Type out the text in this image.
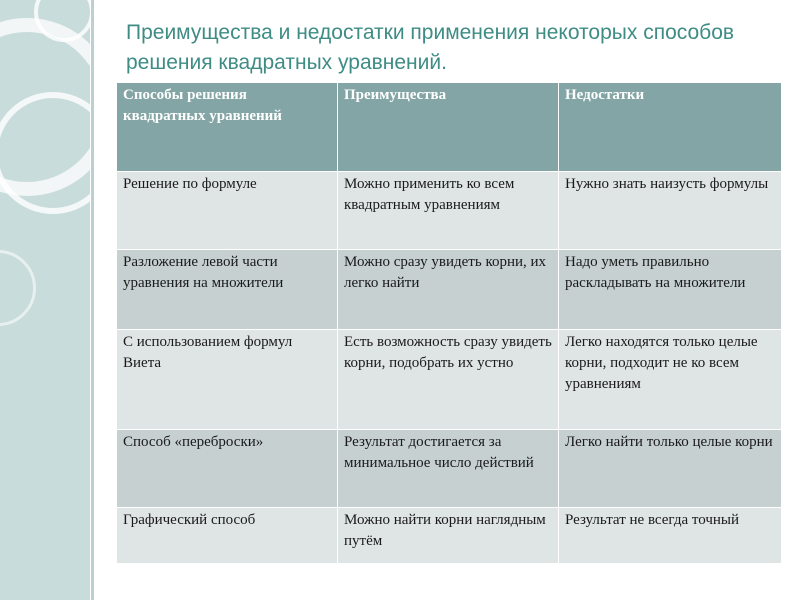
Преимущества и недостатки применения некоторых способов решения квадратных уравнений.
Способы решения квадратных уравнений	Преимущества	Недостатки
Решение по формуле	Можно применить ко всем квадратным уравнениям	Нужно знать наизусть формулы
Разложение левой части уравнения на множители	Можно сразу увидеть корни, их легко найти	Надо уметь правильно раскладывать на множители
С использованием формул Виета	Есть возможность сразу увидеть корни, подобрать их устно	Легко находятся только целые корни, подходит не ко всем уравнениям
Способ «переброски»	Результат достигается за минимальное число действий	Легко найти только целые корни
Графический способ	Можно найти корни наглядным путём	Результат не всегда точный
